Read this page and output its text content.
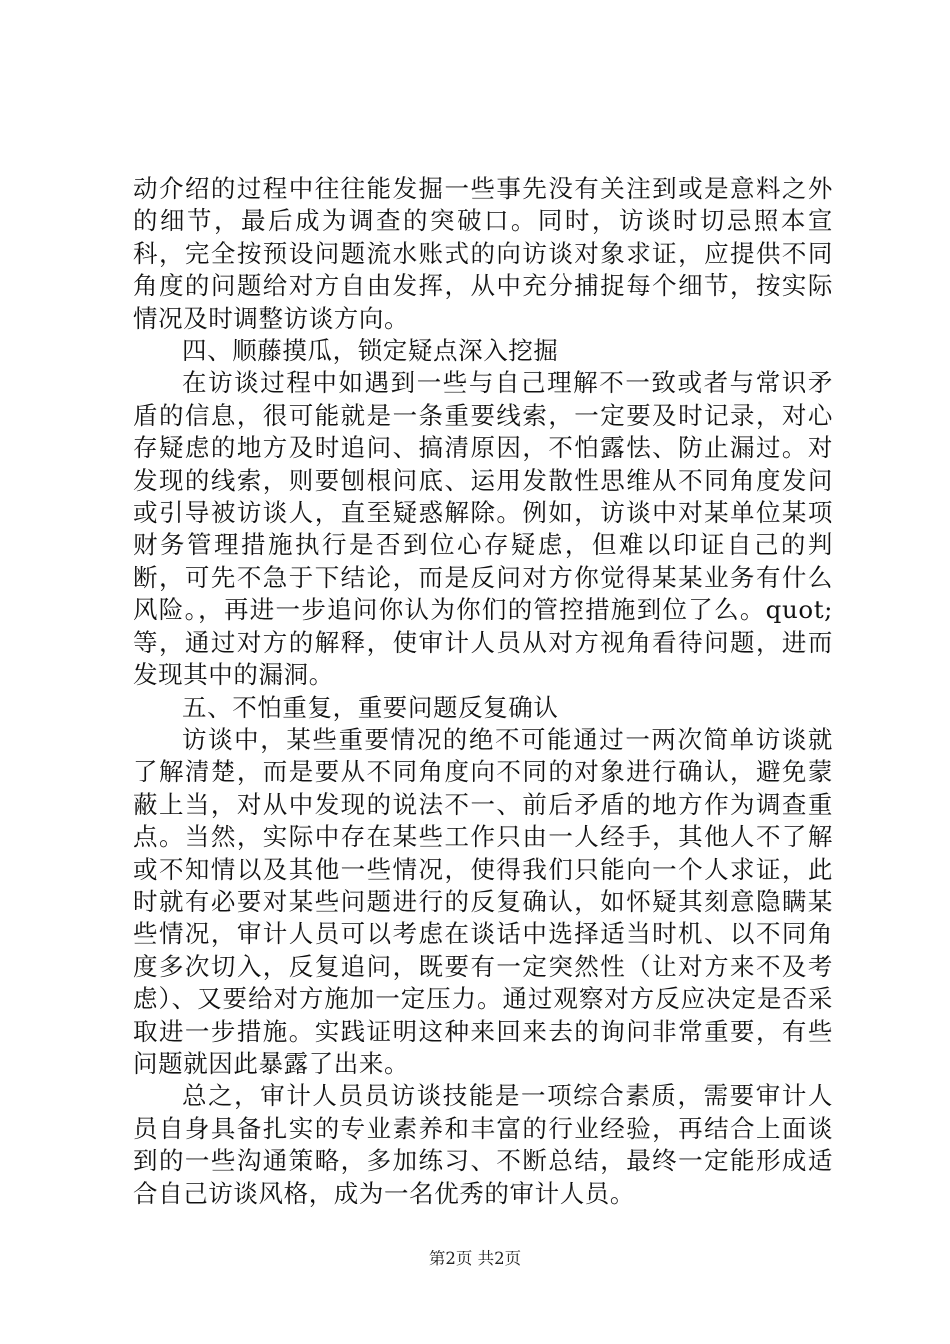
动介绍的过程中往往能发掘一些事先没有关注到或是意料之外的细节，最后成为调查的突破口。同时，访谈时切忌照本宣科，完全按预设问题流水账式的向访谈对象求证，应提供不同角度的问题给对方自由发挥，从中充分捕捉每个细节，按实际情况及时调整访谈方向。

四、顺藤摸瓜，锁定疑点深入挖掘

在访谈过程中如遇到一些与自己理解不一致或者与常识矛盾的信息，很可能就是一条重要线索，一定要及时记录，对心存疑虑的地方及时追问、搞清原因，不怕露怯、防止漏过。对发现的线索，则要刨根问底、运用发散性思维从不同角度发问或引导被访谈人，直至疑惑解除。例如，访谈中对某单位某项财务管理措施执行是否到位心存疑虑，但难以印证自己的判断，可先不急于下结论，而是反问对方你觉得某某业务有什么风险。，再进一步追问你认为你们的管控措施到位了么。quot;等，通过对方的解释，使审计人员从对方视角看待问题，进而发现其中的漏洞。

五、不怕重复，重要问题反复确认

访谈中，某些重要情况的绝不可能通过一两次简单访谈就了解清楚，而是要从不同角度向不同的对象进行确认，避免蒙蔽上当，对从中发现的说法不一、前后矛盾的地方作为调查重点。当然，实际中存在某些工作只由一人经手，其他人不了解或不知情以及其他一些情况，使得我们只能向一个人求证，此时就有必要对某些问题进行的反复确认，如怀疑其刻意隐瞒某些情况，审计人员可以考虑在谈话中选择适当时机、以不同角度多次切入，反复追问，既要有一定突然性（让对方来不及考虑）、又要给对方施加一定压力。通过观察对方反应决定是否采取进一步措施。实践证明这种来回来去的询问非常重要，有些问题就因此暴露了出来。

总之，审计人员员访谈技能是一项综合素质，需要审计人员自身具备扎实的专业素养和丰富的行业经验，再结合上面谈到的一些沟通策略，多加练习、不断总结，最终一定能形成适合自己访谈风格，成为一名优秀的审计人员。

第2页 共2页
